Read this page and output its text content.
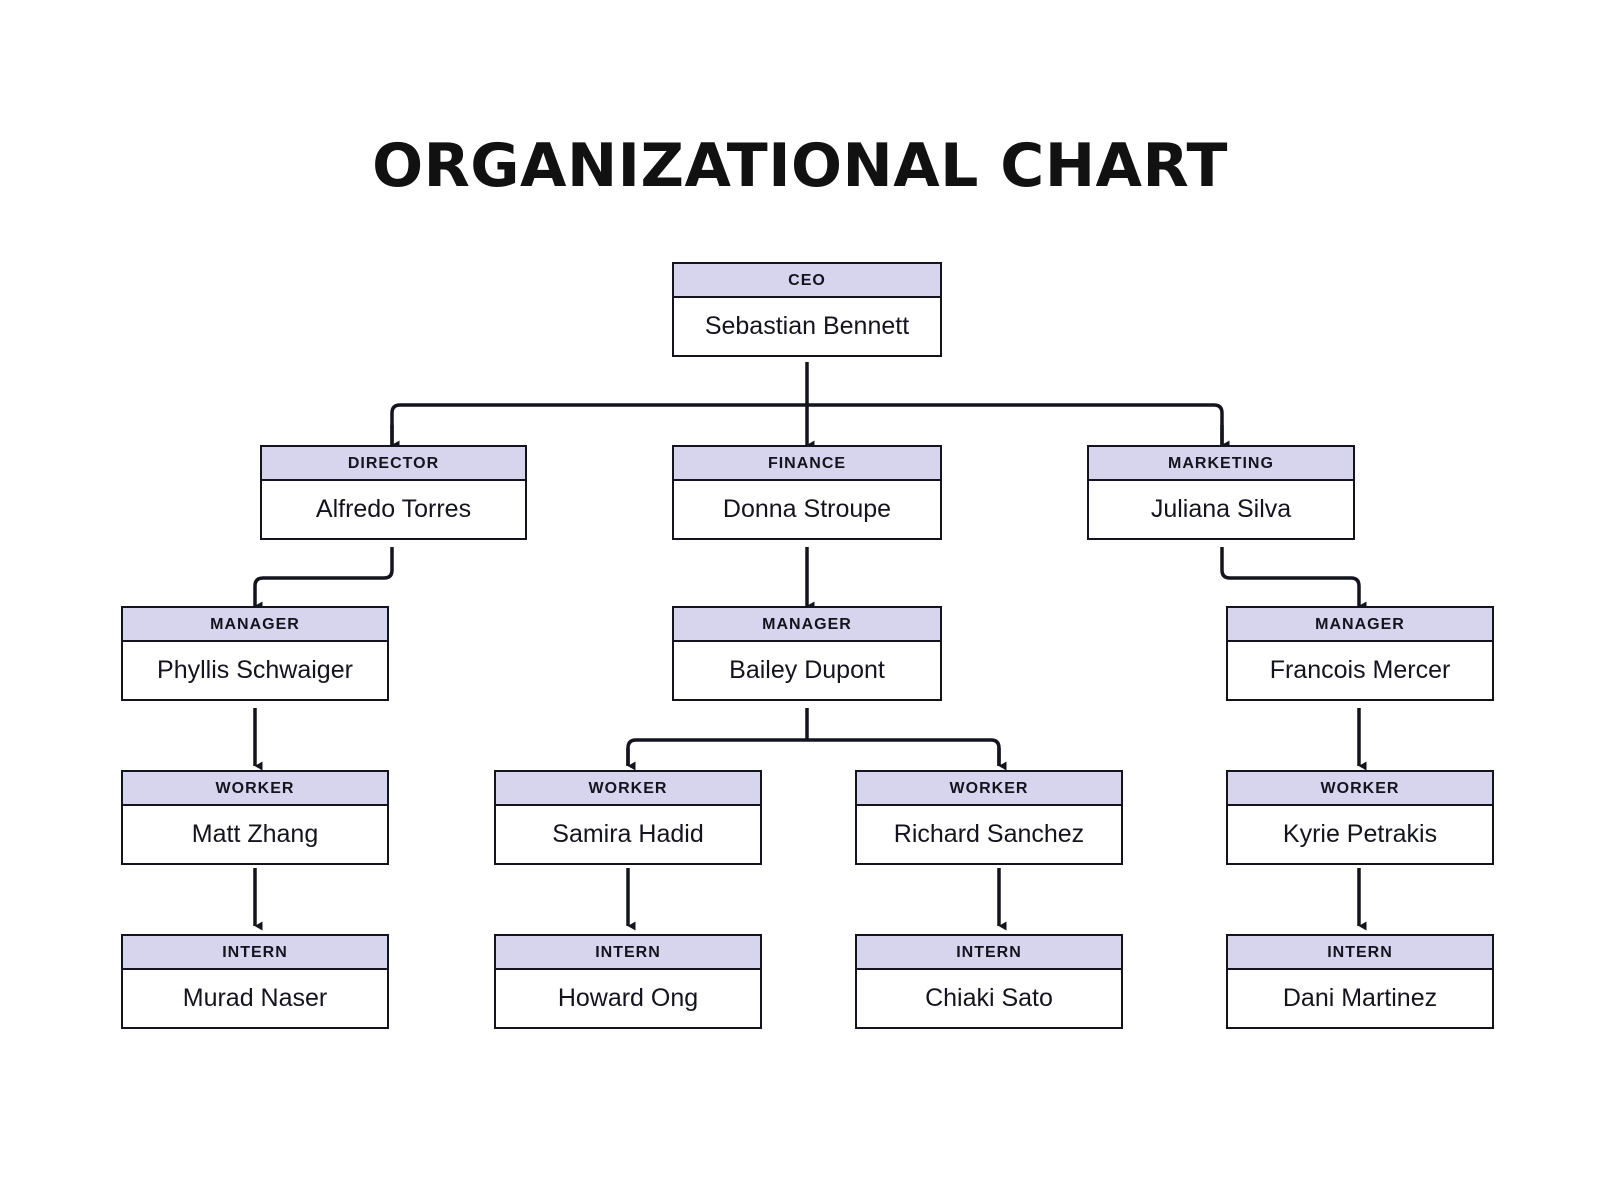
ORGANIZATIONAL CHART
CEO
Sebastian Bennett
DIRECTOR
Alfredo Torres
FINANCE
Donna Stroupe
MARKETING
Juliana Silva
MANAGER
Phyllis Schwaiger
MANAGER
Bailey Dupont
MANAGER
Francois Mercer
WORKER
Matt Zhang
WORKER
Samira Hadid
WORKER
Richard Sanchez
WORKER
Kyrie Petrakis
INTERN
Murad Naser
INTERN
Howard Ong
INTERN
Chiaki Sato
INTERN
Dani Martinez
